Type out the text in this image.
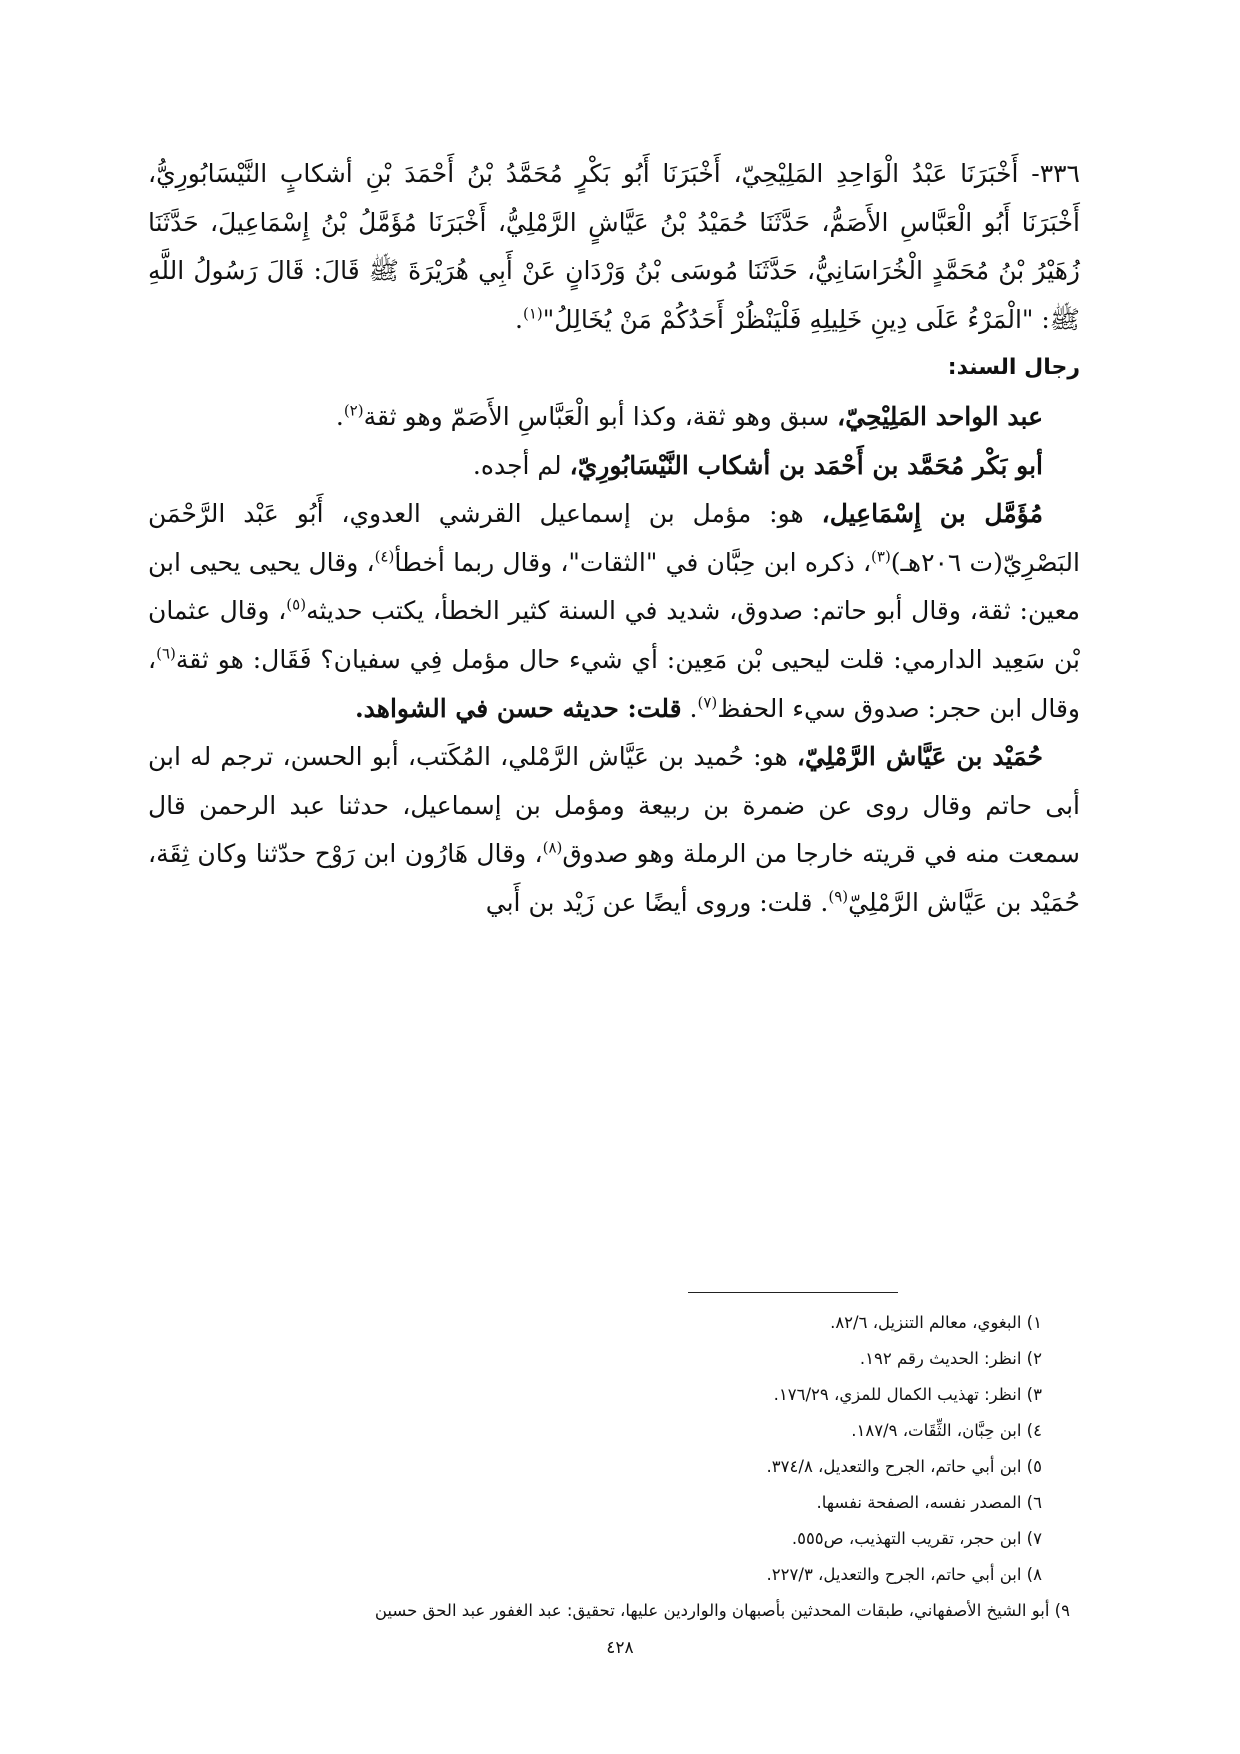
٣٣٦- أَخْبَرَنَا عَبْدُ الْوَاحِدِ المَلِيْحِيّ، أَخْبَرَنَا أَبُو بَكْرٍ مُحَمَّدُ بْنُ أَحْمَدَ بْنِ أشكابٍ النَّيْسَابُورِيُّ، أَخْبَرَنَا أَبُو الْعَبَّاسِ الأَصَمُّ، حَدَّثَنَا حُمَيْدُ بْنُ عَيَّاشٍ الرَّمْلِيُّ، أَخْبَرَنَا مُؤَمَّلُ بْنُ إِسْمَاعِيلَ، حَدَّثَنَا زُهَيْرُ بْنُ مُحَمَّدٍ الْخُرَاسَانِيُّ، حَدَّثَنَا مُوسَى بْنُ وَرْدَانٍ عَنْ أَبِي هُرَيْرَةَ ﷺ قَالَ: قَالَ رَسُولُ اللَّهِ ﷺ: "الْمَرْءُ عَلَى دِينِ خَلِيلِهِ فَلْيَنْظُرْ أَحَدُكُمْ مَنْ يُخَالِلُ"$^{(١)}$.

رجال السند:

عبد الواحد المَلِيْحِيّ، سبق وهو ثقة، وكذا أبو الْعَبَّاسِ الأَصَمّ وهو ثقة$^{(٢)}$.

أبو بَكْر مُحَمَّد بن أَحْمَد بن أشكاب النَّيْسَابُورِيّ، لم أجده.

مُؤَمَّل بن إِسْمَاعِيل، هو: مؤمل بن إسماعيل القرشي العدوي، أَبُو عَبْد الرَّحْمَن البَصْرِيّ(ت ٢٠٦هـ)$^{(٣)}$، ذكره ابن حِبَّان في "الثقات"، وقال ربما أخطأ$^{(٤)}$، وقال يحيى يحيى ابن معين: ثقة، وقال أبو حاتم: صدوق، شديد في السنة كثير الخطأ، يكتب حديثه$^{(٥)}$، وقال عثمان بْن سَعِيد الدارمي: قلت ليحيى بْن مَعِين: أي شيء حال مؤمل فِي سفيان؟ فَقَال: هو ثقة$^{(٦)}$، وقال ابن حجر: صدوق سيء الحفظ$^{(٧)}$. قلت: حديثه حسن في الشواهد.

حُمَيْد بن عَيَّاش الرَّمْلِيّ، هو: حُميد بن عَيَّاش الرَّمْلي، المُكَتب، أبو الحسن، ترجم له ابن أبى حاتم وقال روى عن ضمرة بن ربيعة ومؤمل بن إسماعيل، حدثنا عبد الرحمن قال سمعت منه في قريته خارجا من الرملة وهو صدوق$^{(٨)}$، وقال هَارُون ابن رَوْح حدّثنا وكان ثِقَة، حُمَيْد بن عَيَّاش الرَّمْلِيّ$^{(٩)}$. قلت: وروى أيضًا عن زَيْد بن أَبي

١) البغوي، معالم التنزيل، ٨٢/٦.

٢) انظر: الحديث رقم ١٩٢.

٣) انظر: تهذيب الكمال للمزي، ١٧٦/٢٩.

٤) ابن حِبَّان، الثِّقَات، ١٨٧/٩.

٥) ابن أبي حاتم، الجرح والتعديل، ٣٧٤/٨.

٦) المصدر نفسه، الصفحة نفسها.

٧) ابن حجر، تقريب التهذيب، ص٥٥٥.

٨) ابن أبي حاتم، الجرح والتعديل، ٢٢٧/٣.

٩) أبو الشيخ الأصفهاني، طبقات المحدثين بأصبهان والواردين عليها، تحقيق: عبد الغفور عبد الحق حسين

٤٢٨
